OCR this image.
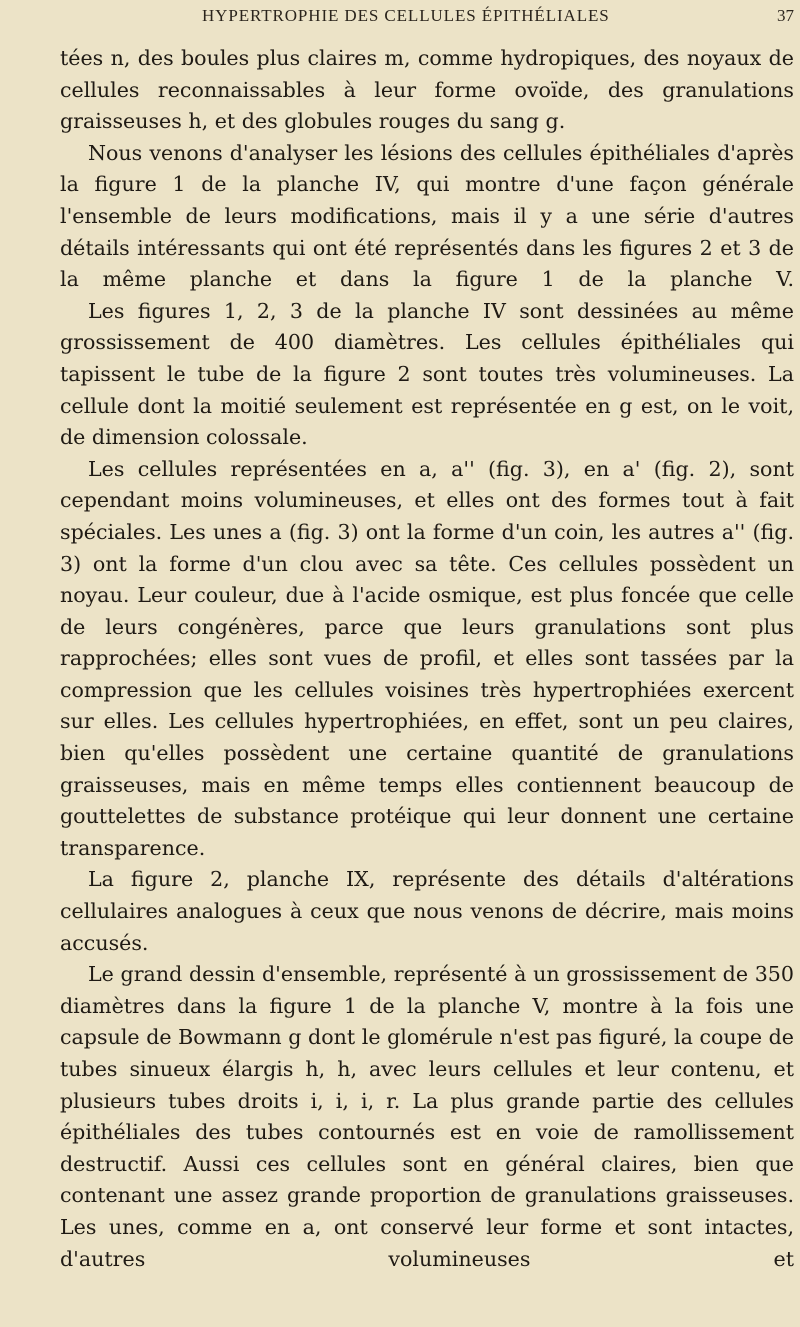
HYPERTROPHIE DES CELLULES ÉPITHÉLIALES	37

tées n, des boules plus claires m, comme hydropiques, des noyaux de cellules reconnaissables à leur forme ovoïde, des granulations graisseuses h, et des globules rouges du sang g.

Nous venons d'analyser les lésions des cellules épithéliales d'après la figure 1 de la planche IV, qui montre d'une façon générale l'ensemble de leurs modifications, mais il y a une série d'autres détails intéressants qui ont été représentés dans les figures 2 et 3 de la même planche et dans la figure 1 de la planche V.

Les figures 1, 2, 3 de la planche IV sont dessinées au même grossissement de 400 diamètres. Les cellules épithéliales qui tapissent le tube de la figure 2 sont toutes très volumineuses. La cellule dont la moitié seulement est représentée en g est, on le voit, de dimension colossale.

Les cellules représentées en a, a'' (fig. 3), en a' (fig. 2), sont cependant moins volumineuses, et elles ont des formes tout à fait spéciales. Les unes a (fig. 3) ont la forme d'un coin, les autres a'' (fig. 3) ont la forme d'un clou avec sa tête. Ces cellules possèdent un noyau. Leur couleur, due à l'acide osmique, est plus foncée que celle de leurs congénères, parce que leurs granulations sont plus rapprochées; elles sont vues de profil, et elles sont tassées par la compression que les cellules voisines très hypertrophiées exercent sur elles. Les cellules hypertrophiées, en effet, sont un peu claires, bien qu'elles possèdent une certaine quantité de granulations graisseuses, mais en même temps elles contiennent beaucoup de gouttelettes de substance protéique qui leur donnent une certaine transparence.

La figure 2, planche IX, représente des détails d'altérations cellulaires analogues à ceux que nous venons de décrire, mais moins accusés.

Le grand dessin d'ensemble, représenté à un grossissement de 350 diamètres dans la figure 1 de la planche V, montre à la fois une capsule de Bowmann g dont le glomérule n'est pas figuré, la coupe de tubes sinueux élargis h, h, avec leurs cellules et leur contenu, et plusieurs tubes droits i, i, i, r. La plus grande partie des cellules épithéliales des tubes contournés est en voie de ramollissement destructif. Aussi ces cellules sont en général claires, bien que contenant une assez grande proportion de granulations graisseuses. Les unes, comme en a, ont conservé leur forme et sont intactes, d'autres volumineuses et
